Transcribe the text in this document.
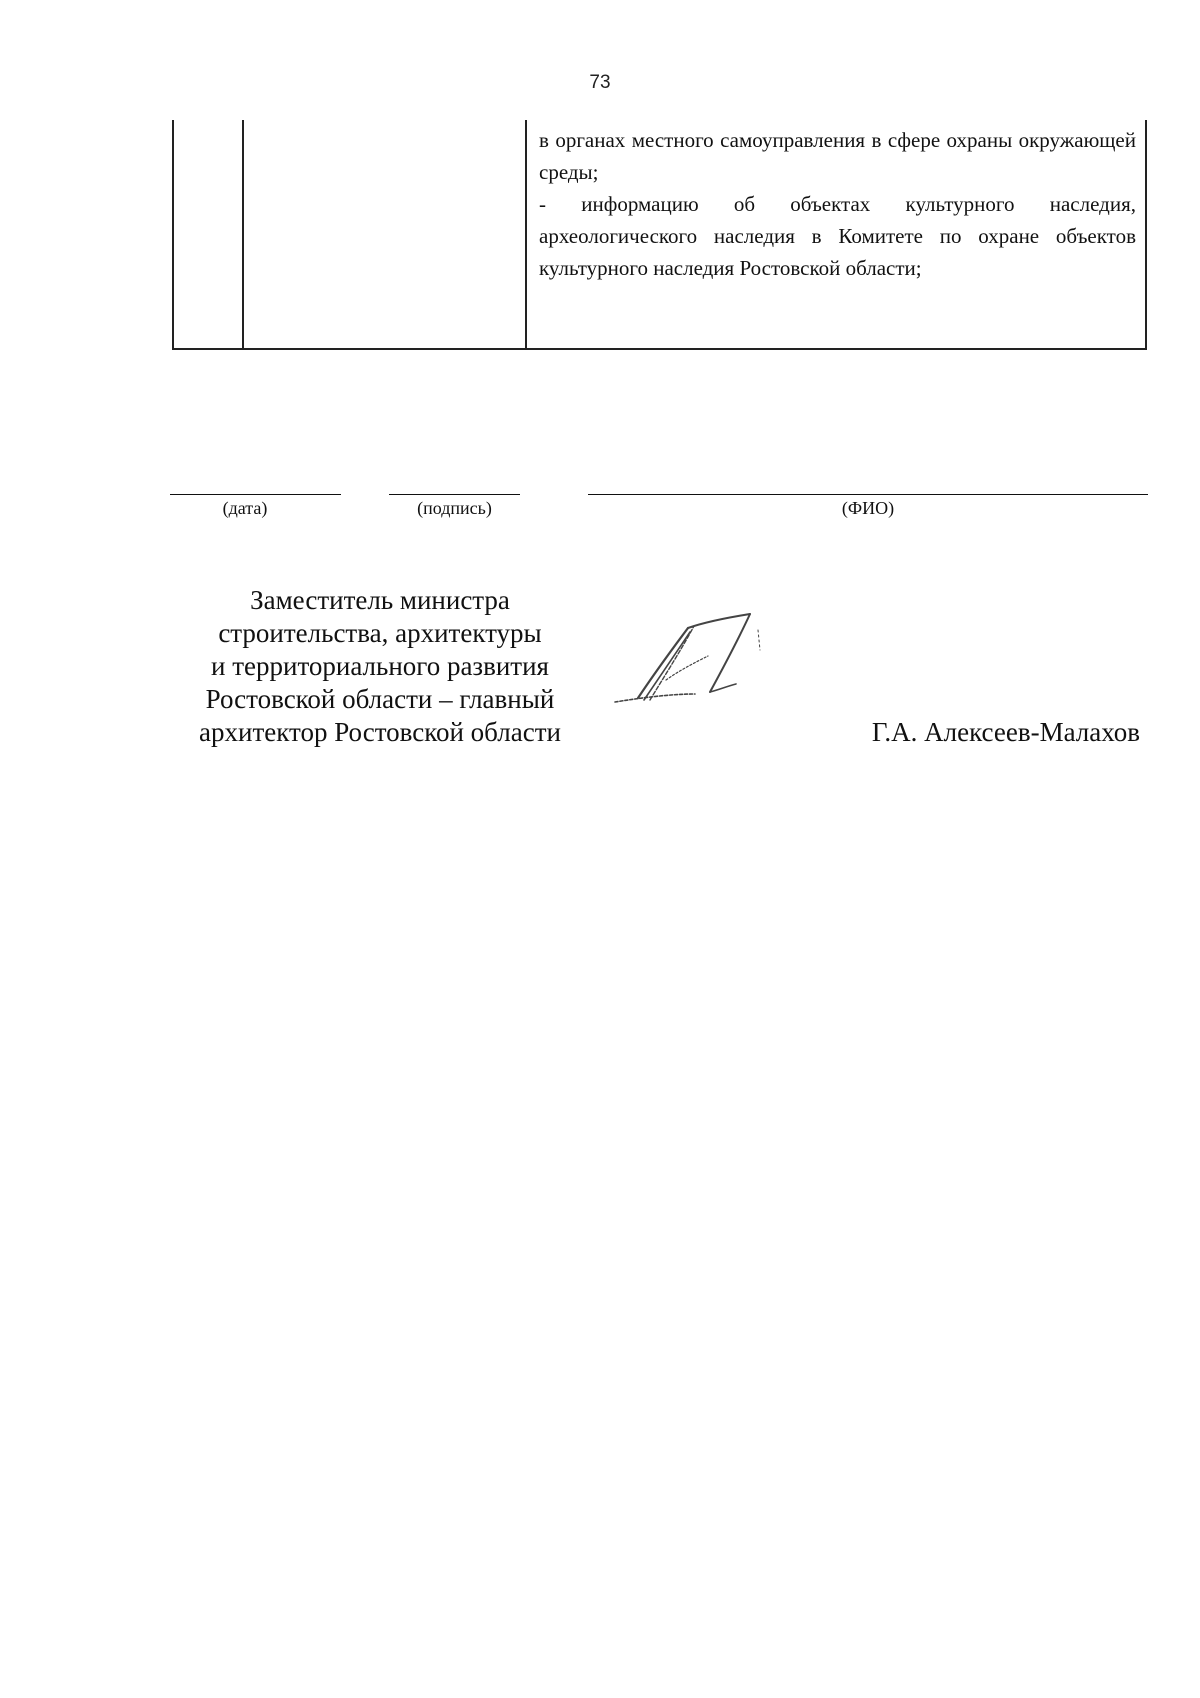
73

в органах местного самоуправления в сфере охраны окружающей среды;

- информацию об объектах культурного наследия, археологического наследия в Комитете по охране объектов культурного наследия Ростовской области;

(дата)	(подпись)	(ФИО)
Заместитель министра
строительства, архитектуры
и территориального развития
Ростовской области – главный
архитектор Ростовской области	Г.А. Алексеев-Малахов
